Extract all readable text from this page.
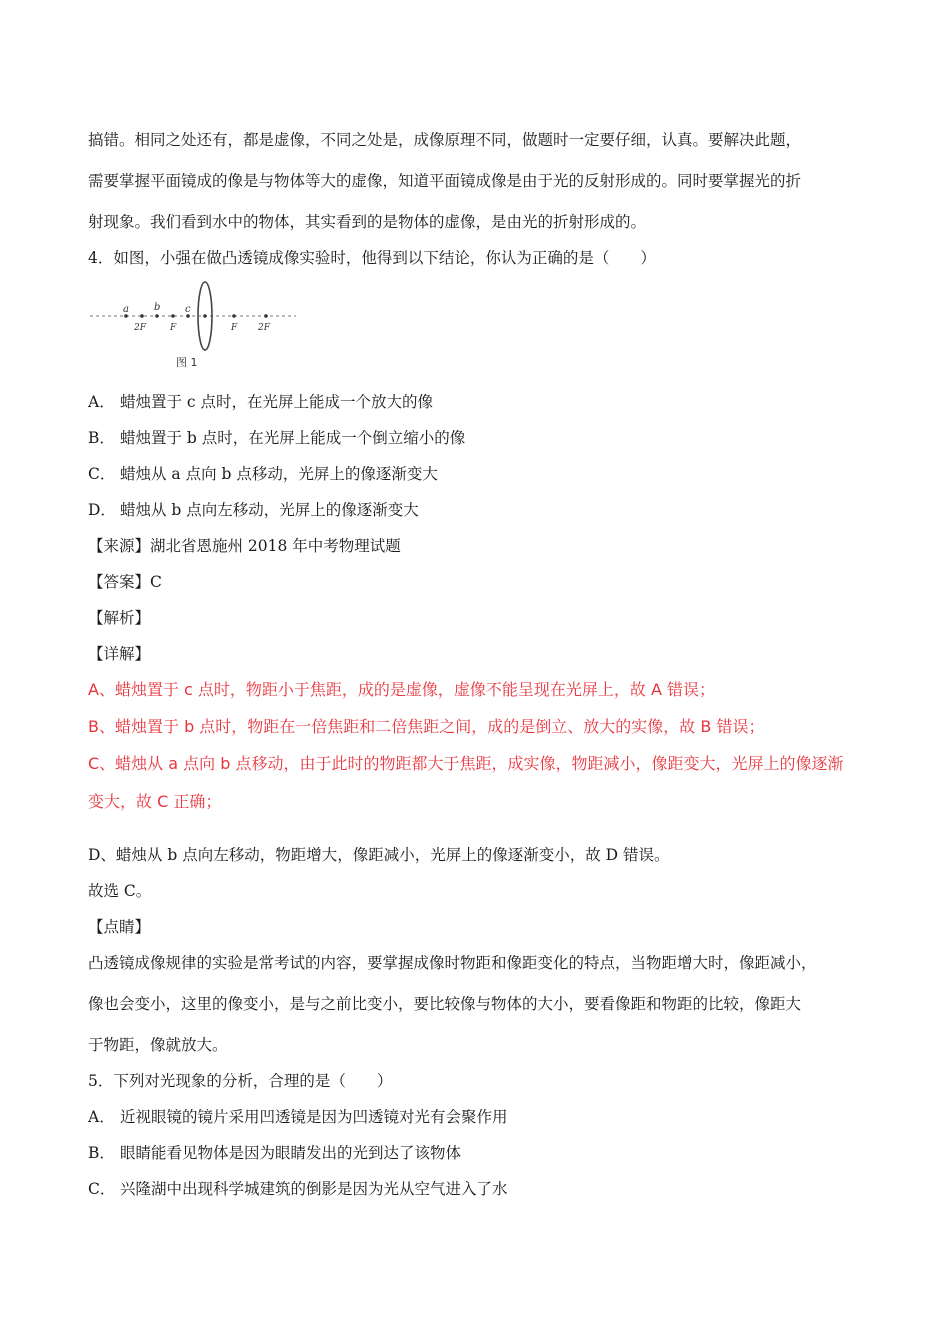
搞错。相同之处还有，都是虚像，不同之处是，成像原理不同，做题时一定要仔细，认真。要解决此题，
需要掌握平面镜成的像是与物体等大的虚像，知道平面镜成像是由于光的反射形成的。同时要掌握光的折
射现象。我们看到水中的物体，其实看到的是物体的虚像，是由光的折射形成的。
4．如图，小强在做凸透镜成像实验时，他得到以下结论，你认为正确的是（　　）
a
2F
b
F
c
F 2F
图 1
A． 蜡烛置于 c 点时，在光屏上能成一个放大的像
B． 蜡烛置于 b 点时，在光屏上能成一个倒立缩小的像
C． 蜡烛从 a 点向 b 点移动，光屏上的像逐渐变大
D． 蜡烛从 b 点向左移动，光屏上的像逐渐变大
【来源】湖北省恩施州 2018 年中考物理试题
【答案】C
【解析】
【详解】
A、蜡烛置于 c 点时，物距小于焦距，成的是虚像，虚像不能呈现在光屏上，故 A 错误；
B、蜡烛置于 b 点时，物距在一倍焦距和二倍焦距之间，成的是倒立、放大的实像，故 B 错误；
C、蜡烛从 a 点向 b 点移动，由于此时的物距都大于焦距，成实像，物距减小，像距变大，光屏上的像逐渐
变大，故 C 正确；
D、蜡烛从 b 点向左移动，物距增大，像距减小，光屏上的像逐渐变小，故 D 错误。
故选 C。
【点睛】
凸透镜成像规律的实验是常考试的内容，要掌握成像时物距和像距变化的特点，当物距增大时，像距减小，
像也会变小，这里的像变小，是与之前比变小，要比较像与物体的大小，要看像距和物距的比较，像距大
于物距，像就放大。
5．下列对光现象的分析，合理的是（　　）
A． 近视眼镜的镜片采用凹透镜是因为凹透镜对光有会聚作用
B． 眼睛能看见物体是因为眼睛发出的光到达了该物体
C． 兴隆湖中出现科学城建筑的倒影是因为光从空气进入了水
